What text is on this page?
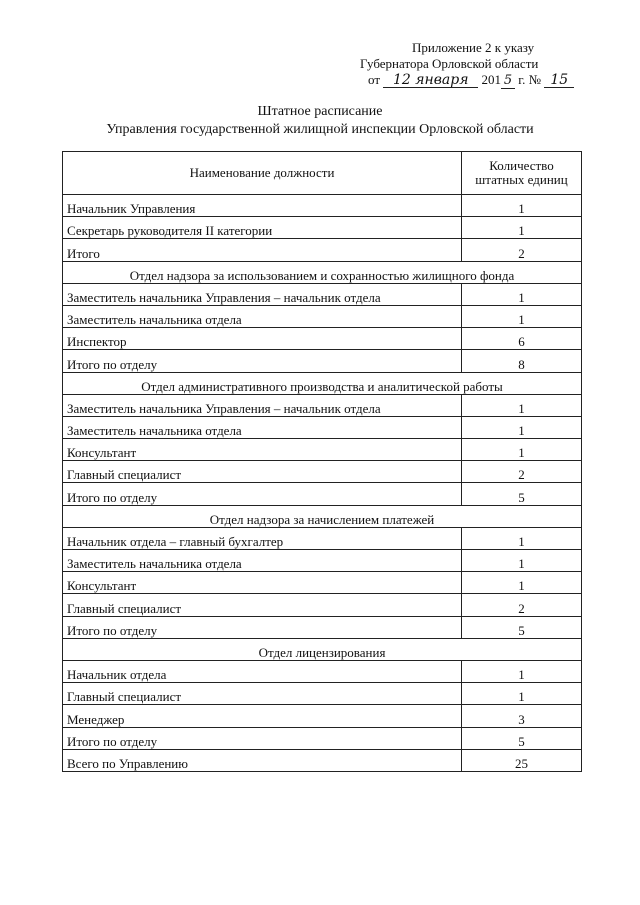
Приложение 2 к указу
Губернатора Орловской области
от 12 января 201 5 г. № 15
Штатное расписание
Управления государственной жилищной инспекции Орловской области
Наименование должности	Количество
штатных единиц
Начальник Управления	1
Секретарь руководителя II категории	1
Итого	2
Отдел надзора за использованием и сохранностью жилищного фонда	
Заместитель начальника Управления – начальник отдела	1
Заместитель начальника отдела	1
Инспектор	6
Итого по отделу	8
Отдел административного производства и аналитической работы	
Заместитель начальника Управления – начальник отдела	1
Заместитель начальника отдела	1
Консультант	1
Главный специалист	2
Итого по отделу	5
Отдел надзора за начислением платежей	
Начальник отдела – главный бухгалтер	1
Заместитель начальника отдела	1
Консультант	1
Главный специалист	2
Итого по отделу	5
Отдел лицензирования	
Начальник отдела	1
Главный специалист	1
Менеджер	3
Итого по отделу	5
Всего по Управлению	25
